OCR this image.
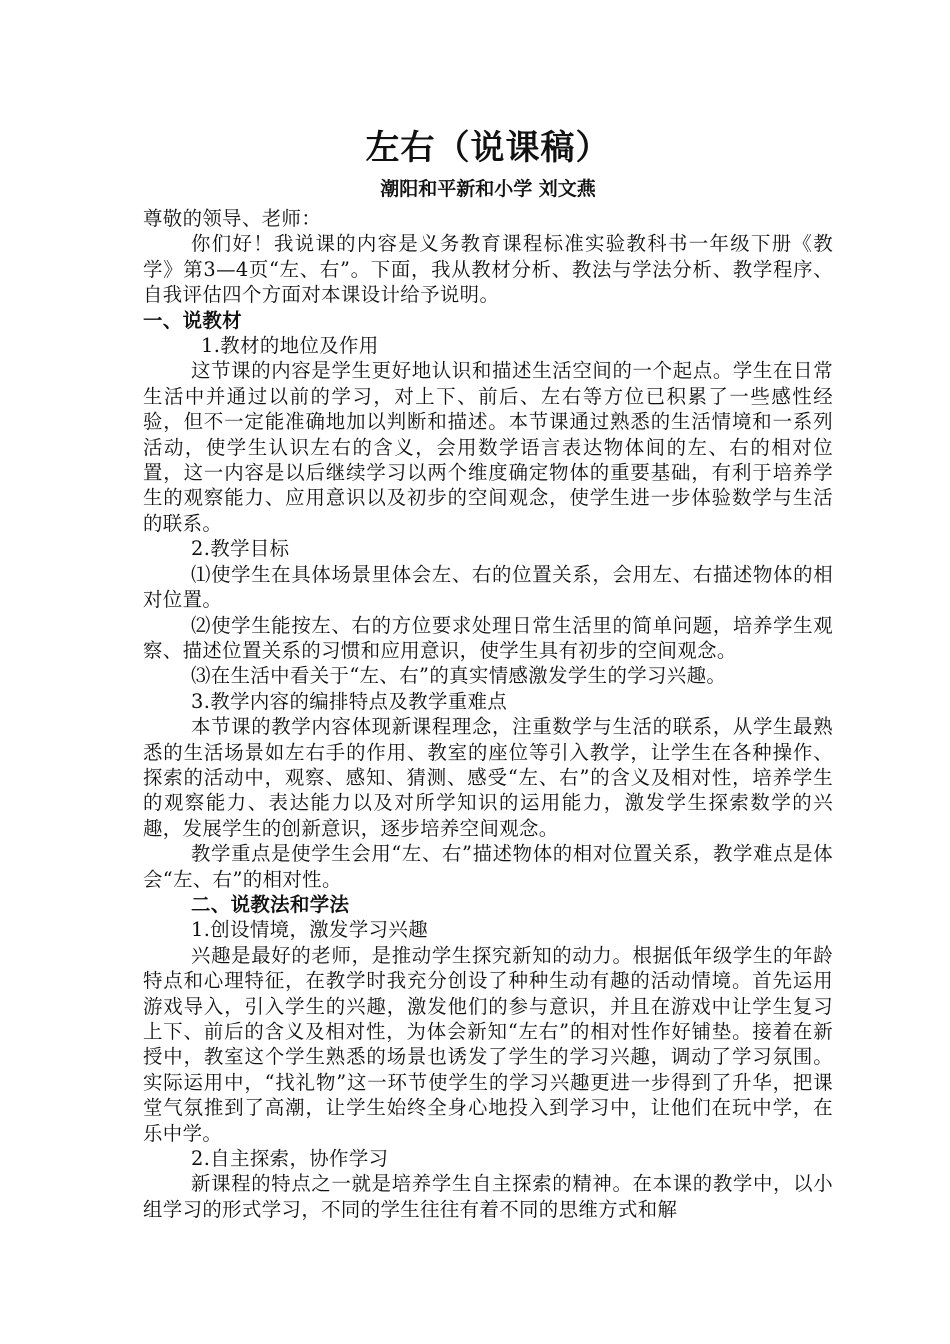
左右（说课稿）
潮阳和平新和小学 刘文燕

尊敬的领导、老师：

你们好！我说课的内容是义务教育课程标准实验教科书一年级下册《教学》第3—4页“左、右”。下面，我从教材分析、教法与学法分析、教学程序、自我评估四个方面对本课设计给予说明。

一、说教材

1.教材的地位及作用

这节课的内容是学生更好地认识和描述生活空间的一个起点。学生在日常生活中并通过以前的学习，对上下、前后、左右等方位已积累了一些感性经验，但不一定能准确地加以判断和描述。本节课通过熟悉的生活情境和一系列活动，使学生认识左右的含义，会用数学语言表达物体间的左、右的相对位置，这一内容是以后继续学习以两个维度确定物体的重要基础，有利于培养学生的观察能力、应用意识以及初步的空间观念，使学生进一步体验数学与生活的联系。

2.教学目标

⑴使学生在具体场景里体会左、右的位置关系，会用左、右描述物体的相对位置。

⑵使学生能按左、右的方位要求处理日常生活里的简单问题，培养学生观察、描述位置关系的习惯和应用意识，使学生具有初步的空间观念。

⑶在生活中看关于“左、右”的真实情感激发学生的学习兴趣。

3.教学内容的编排特点及教学重难点

本节课的教学内容体现新课程理念，注重数学与生活的联系，从学生最熟悉的生活场景如左右手的作用、教室的座位等引入教学，让学生在各种操作、探索的活动中，观察、感知、猜测、感受“左、右”的含义及相对性，培养学生的观察能力、表达能力以及对所学知识的运用能力，激发学生探索数学的兴趣，发展学生的创新意识，逐步培养空间观念。

教学重点是使学生会用“左、右”描述物体的相对位置关系，教学难点是体会“左、右”的相对性。

二、说教法和学法

1.创设情境，激发学习兴趣

兴趣是最好的老师，是推动学生探究新知的动力。根据低年级学生的年龄特点和心理特征，在教学时我充分创设了种种生动有趣的活动情境。首先运用游戏导入，引入学生的兴趣，激发他们的参与意识，并且在游戏中让学生复习上下、前后的含义及相对性，为体会新知“左右”的相对性作好铺垫。接着在新授中，教室这个学生熟悉的场景也诱发了学生的学习兴趣，调动了学习氛围。实际运用中，“找礼物”这一环节使学生的学习兴趣更进一步得到了升华，把课堂气氛推到了高潮，让学生始终全身心地投入到学习中，让他们在玩中学，在乐中学。

2.自主探索，协作学习

新课程的特点之一就是培养学生自主探索的精神。在本课的教学中，以小组学习的形式学习，不同的学生往往有着不同的思维方式和解
